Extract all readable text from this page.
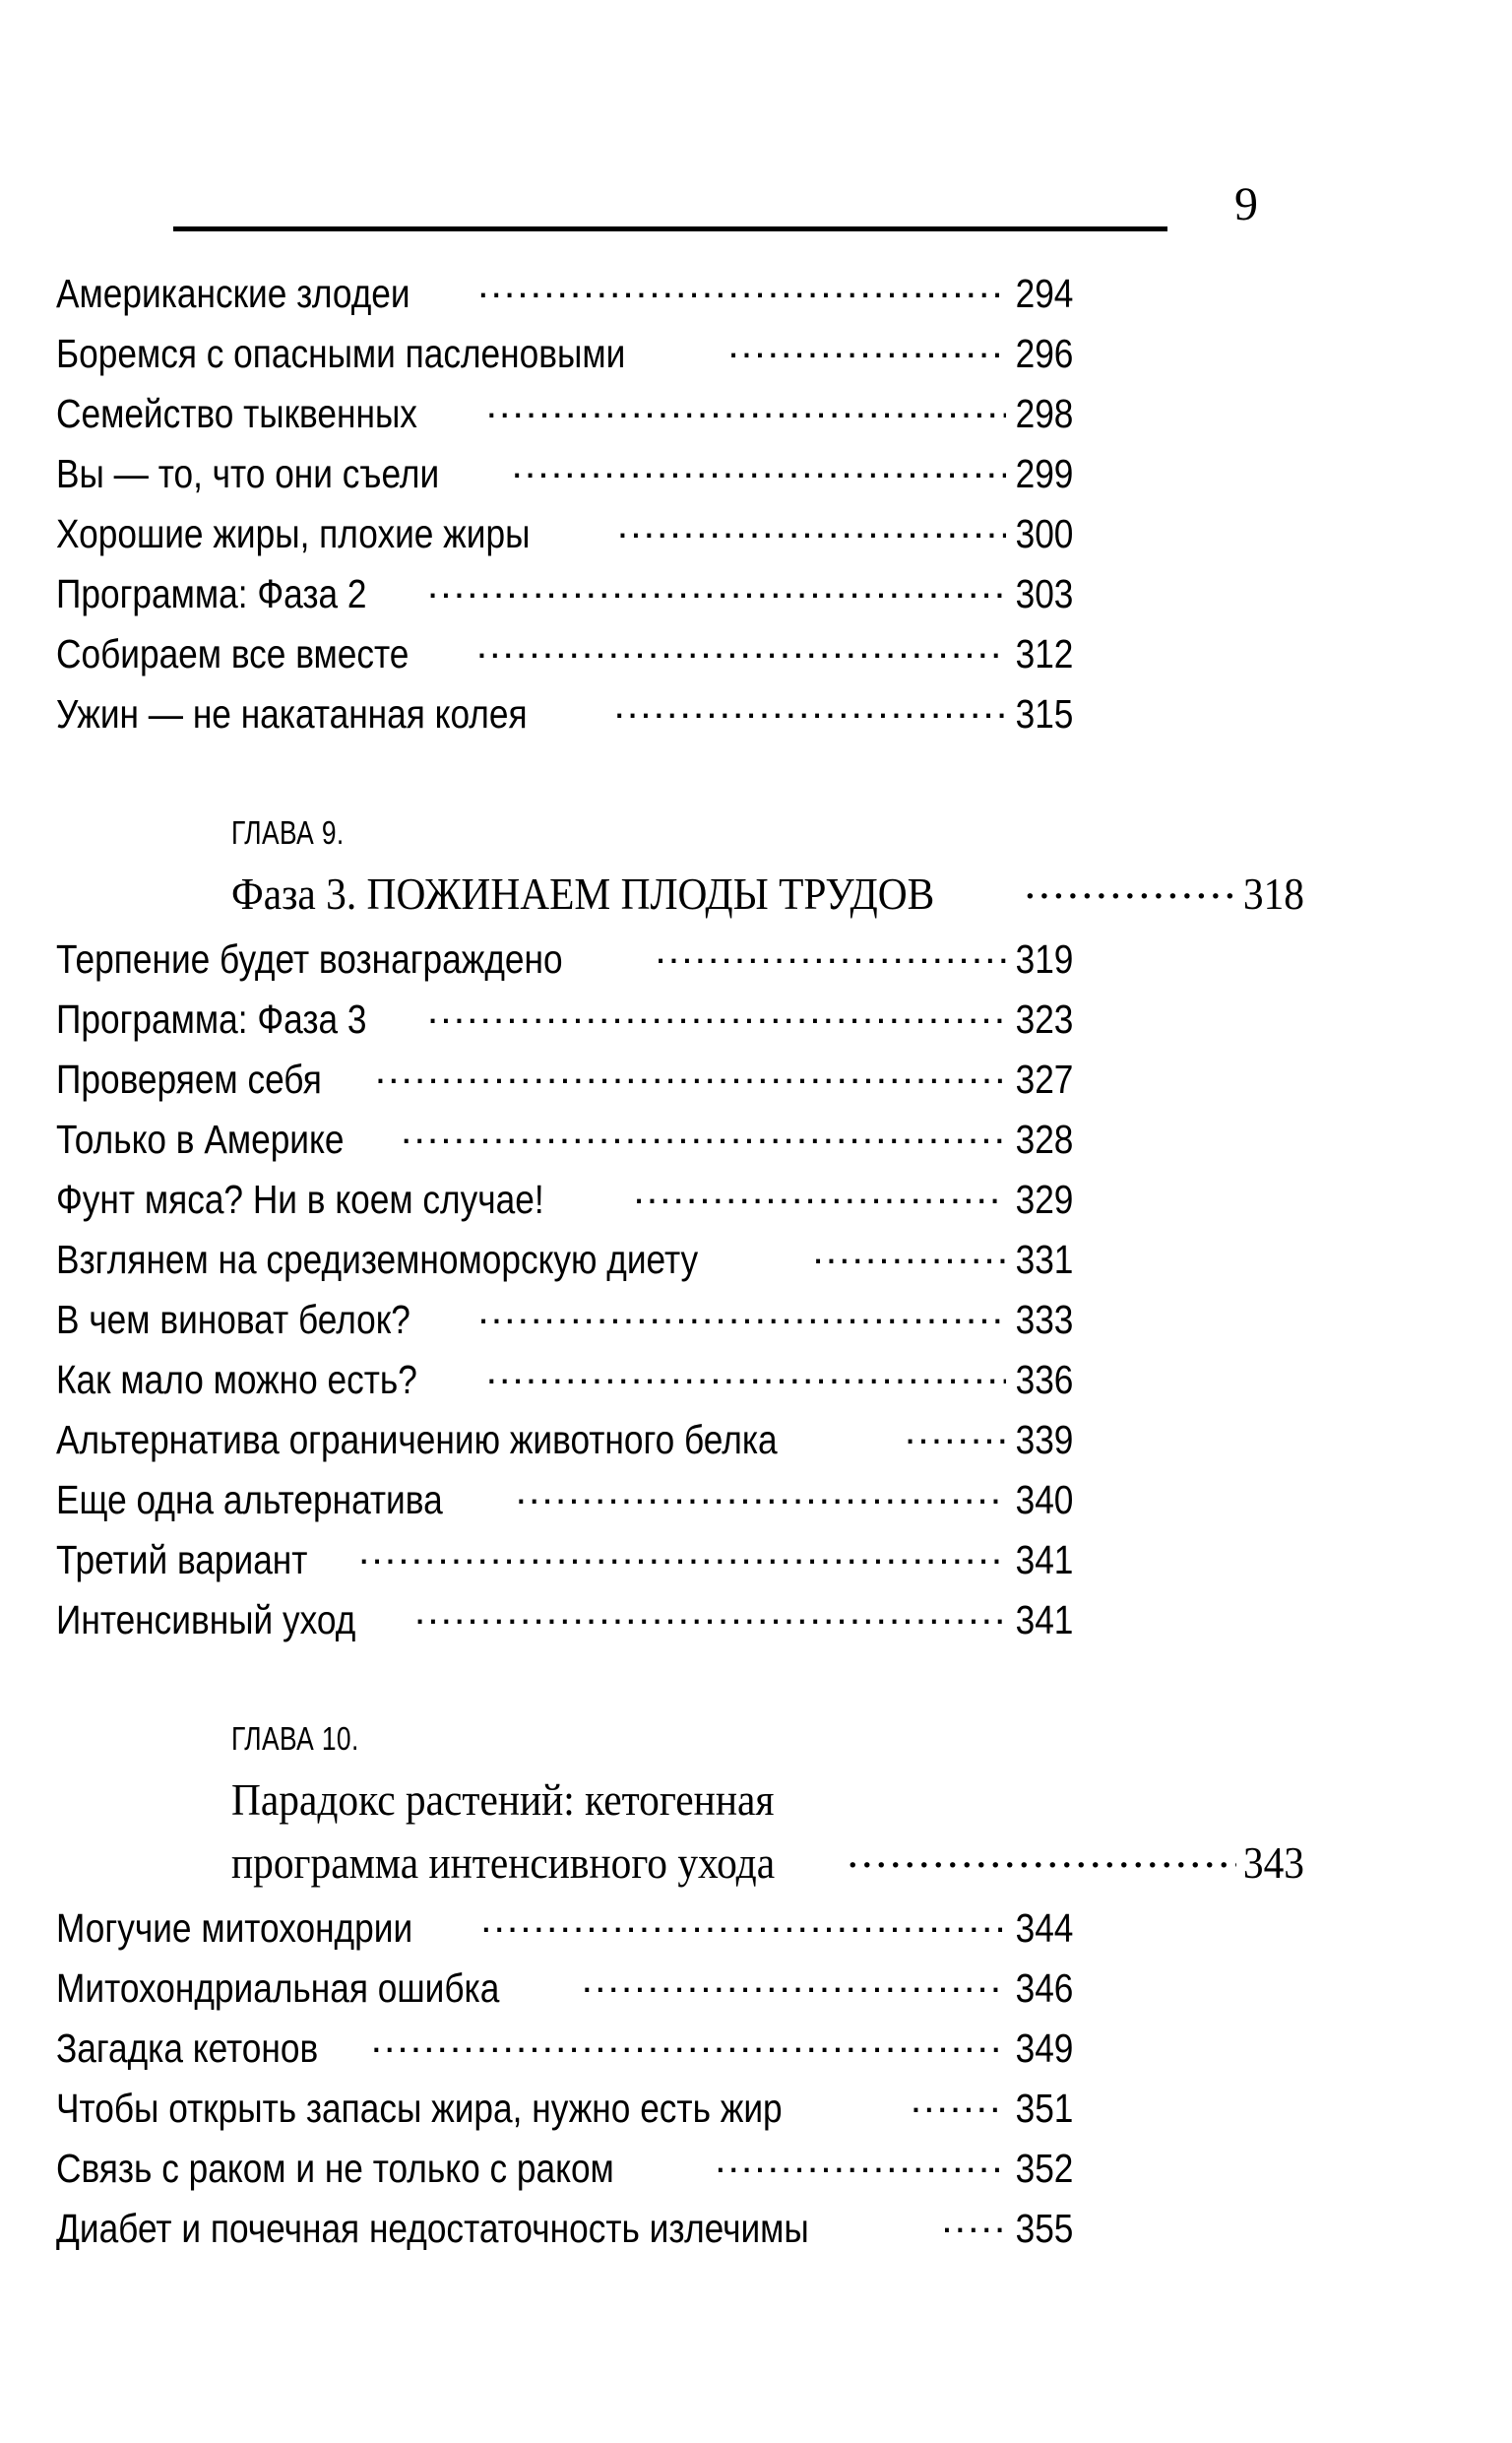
9
Американские злодеи .....	294
Боремся с опасными пасленовыми .....	296
Семейство тыквенных .....	298
Вы — то, что они съели .....	299
Хорошие жиры, плохие жиры .....	300
Программа: Фаза 2 .....	303
Собираем все вместе .....	312
Ужин — не накатанная колея .....	315
ГЛАВА 9.
Фаза 3. ПОЖИНАЕМ ПЛОДЫ ТРУДОВ .....	318
Терпение будет вознаграждено .....	319
Программа: Фаза 3 .....	323
Проверяем себя .....	327
Только в Америке .....	328
Фунт мяса? Ни в коем случае! .....	329
Взглянем на средиземноморскую диету .....	331
В чем виноват белок? .....	333
Как мало можно есть? .....	336
Альтернатива ограничению животного белка .....	339
Еще одна альтернатива .....	340
Третий вариант .....	341
Интенсивный уход .....	341
ГЛАВА 10.
Парадокс растений: кетогенная
программа интенсивного ухода .....	343
Могучие митохондрии .....	344
Митохондриальная ошибка .....	346
Загадка кетонов .....	349
Чтобы открыть запасы жира, нужно есть жир .....	351
Связь с раком и не только с раком .....	352
Диабет и почечная недостаточность излечимы .....	355
